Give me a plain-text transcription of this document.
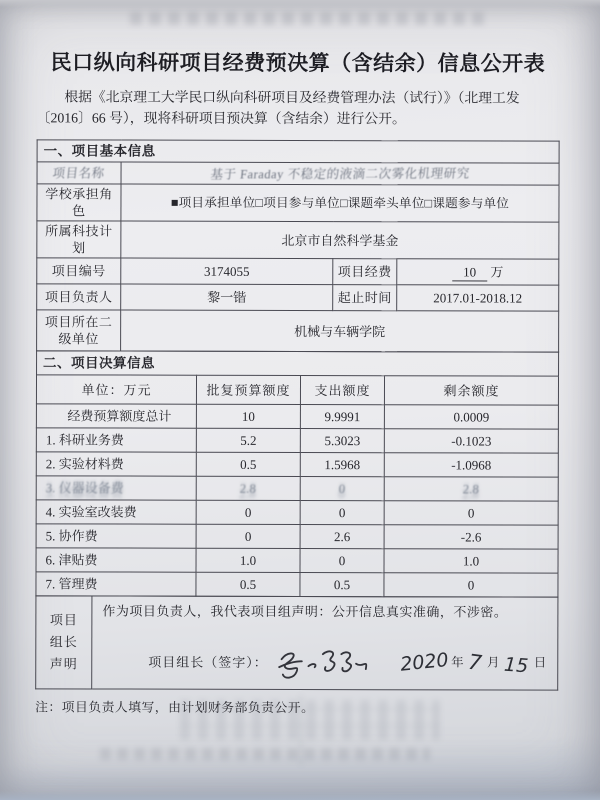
民口纵向科研项目经费预决算（含结余）信息公开表
根据《北京理工大学民口纵向科研项目及经费管理办法（试行）》（北理工发
〔2016〕66 号），现将科研项目预决算（含结余）进行公开。
一、项目基本信息			
项目名称	基于 Faraday 不稳定的液滴二次雾化机理研究		
学校承担角色	■项目承担单位□项目参与单位□课题牵头单位□课题参与单位		
所属科技计划	北京市自然科学基金		
项目编号	3174055	项目经费	10 万
项目负责人	黎一锴	起止时间	2017.01-2018.12
项目所在二级单位	机械与车辆学院		
二、项目决算信息			
单位：万元	批复预算额度	支出额度	剩余额度
经费预算额度总计	10	9.9991	0.0009
1. 科研业务费	5.2	5.3023	-0.1023
2. 实验材料费	0.5	1.5968	-1.0968
3. 仪器设备费	2.8	0	2.8
4. 实验室改装费	0	0	0
5. 协作费	0	2.6	-2.6
6. 津贴费	1.0	0	1.0
7. 管理费	0.5	0.5	0
项目
组长
声明

作为项目负责人，我代表项目组声明：公开信息真实准确，不涉密。
项目组长（签字）：	2020 年 7 月 15 日
注：项目负责人填写，由计划财务部负责公开。
